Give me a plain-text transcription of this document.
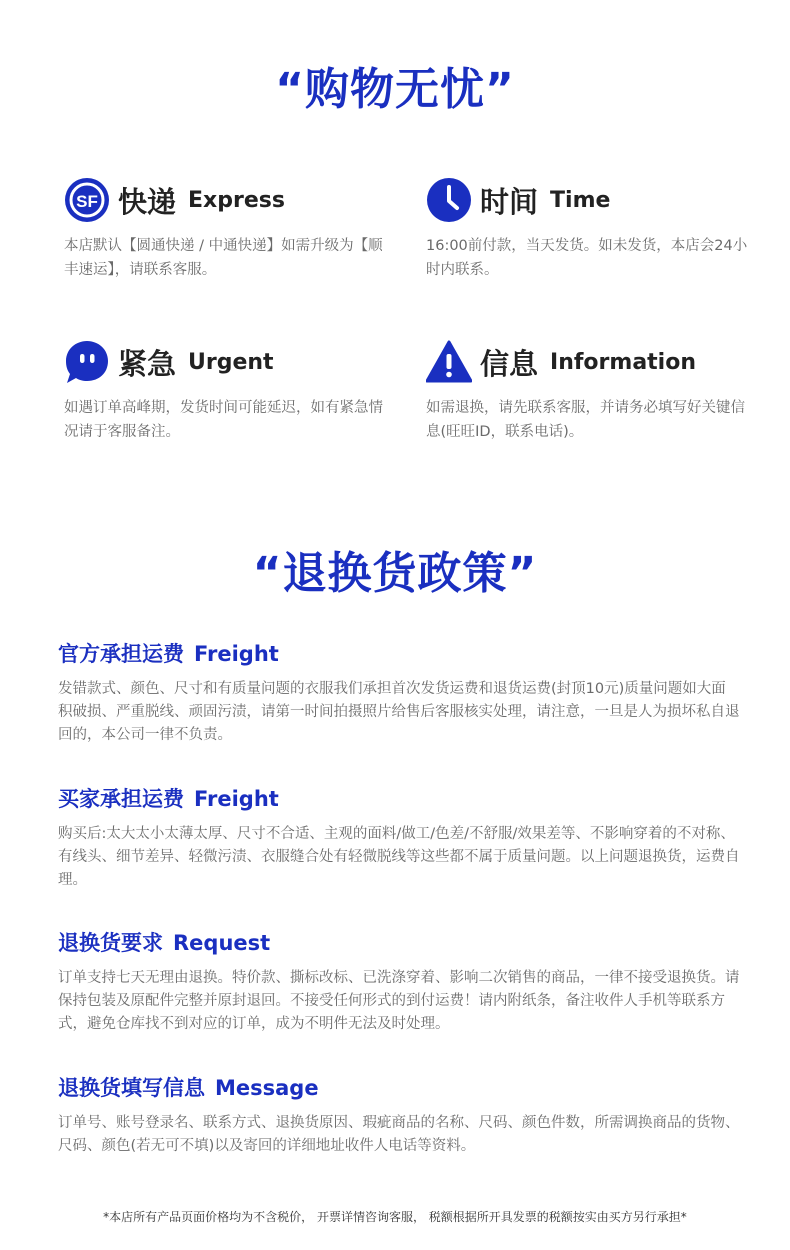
“购物无忧”
SF 快递 Express
本店默认【圆通快递 / 中通快递】如需升级为【顺丰速运】，请联系客服。
时间 Time
16:00前付款，当天发货。如未发货，本店会24小时内联系。
紧急 Urgent
如遇订单高峰期，发货时间可能延迟，如有紧急情况请于客服备注。
信息 Information
如需退换，请先联系客服，并请务必填写好关键信息(旺旺ID，联系电话)。
“退换货政策”
官方承担运费 Freight
发错款式、颜色、尺寸和有质量问题的衣服我们承担首次发货运费和退货运费(封顶10元)质量问题如大面积破损、严重脱线、顽固污渍，请第一时间拍摄照片给售后客服核实处理，请注意，一旦是人为损坏私自退回的，本公司一律不负责。
买家承担运费 Freight
购买后:太大太小太薄太厚、尺寸不合适、主观的面料/做工/色差/不舒服/效果差等、不影响穿着的不对称、有线头、细节差异、轻微污渍、衣服缝合处有轻微脱线等这些都不属于质量问题。以上问题退换货，运费自理。
退换货要求 Request
订单支持七天无理由退换。特价款、撕标改标、已洗涤穿着、影响二次销售的商品，一律不接受退换货。请保持包装及原配件完整并原封退回。不接受任何形式的到付运费！请内附纸条，备注收件人手机等联系方式，避免仓库找不到对应的订单，成为不明件无法及时处理。
退换货填写信息 Message
订单号、账号登录名、联系方式、退换货原因、瑕疵商品的名称、尺码、颜色件数，所需调换商品的货物、尺码、颜色(若无可不填)以及寄回的详细地址收件人电话等资料。
*本店所有产品页面价格均为不含税价， 开票详情咨询客服， 税额根据所开具发票的税额按实由买方另行承担*
